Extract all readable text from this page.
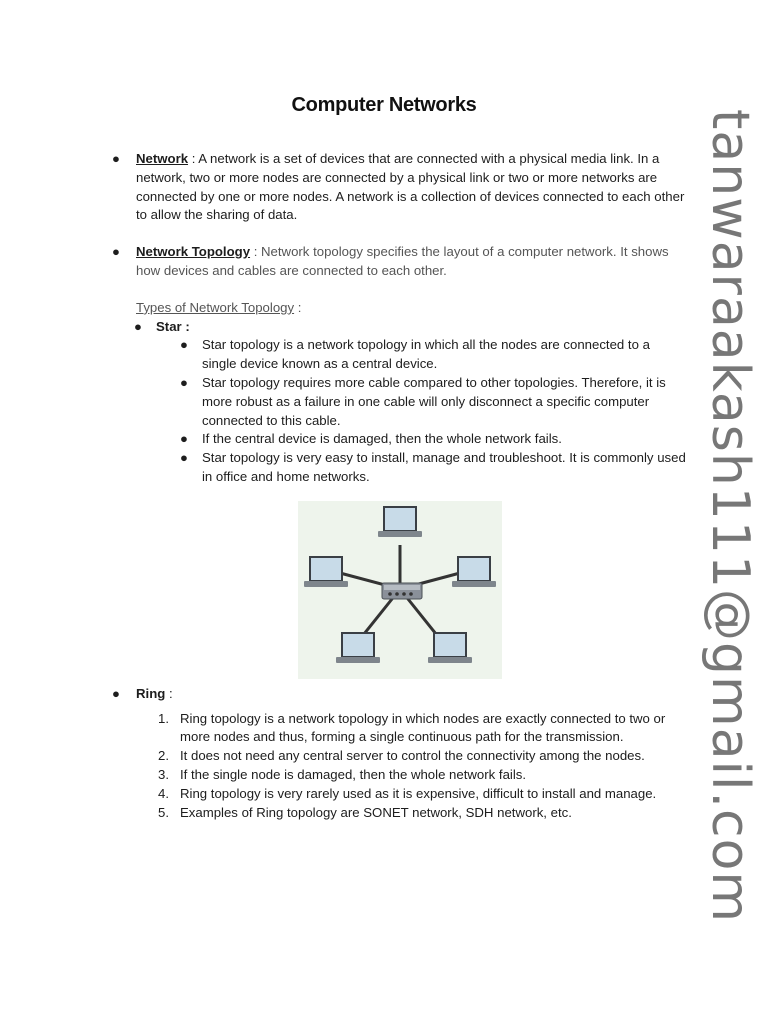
Computer Networks
tanwaraakash111@gmail.com
● Network : A network is a set of devices that are connected with a physical media link. In a network, two or more nodes are connected by a physical link or two or more networks are connected by one or more nodes. A network is a collection of devices connected to each other to allow the sharing of data.
● Network Topology : Network topology specifies the layout of a computer network. It shows how devices and cables are connected to each other.
Types of Network Topology :
● Star :
● Star topology is a network topology in which all the nodes are connected to a single device known as a central device.
● Star topology requires more cable compared to other topologies. Therefore, it is more robust as a failure in one cable will only disconnect a specific computer connected to this cable.
● If the central device is damaged, then the whole network fails.
● Star topology is very easy to install, manage and troubleshoot. It is commonly used in office and home networks.
● Ring :
1. Ring topology is a network topology in which nodes are exactly connected to two or more nodes and thus, forming a single continuous path for the transmission.
2. It does not need any central server to control the connectivity among the nodes.
3. If the single node is damaged, then the whole network fails.
4. Ring topology is very rarely used as it is expensive, difficult to install and manage.
5. Examples of Ring topology are SONET network, SDH network, etc.
